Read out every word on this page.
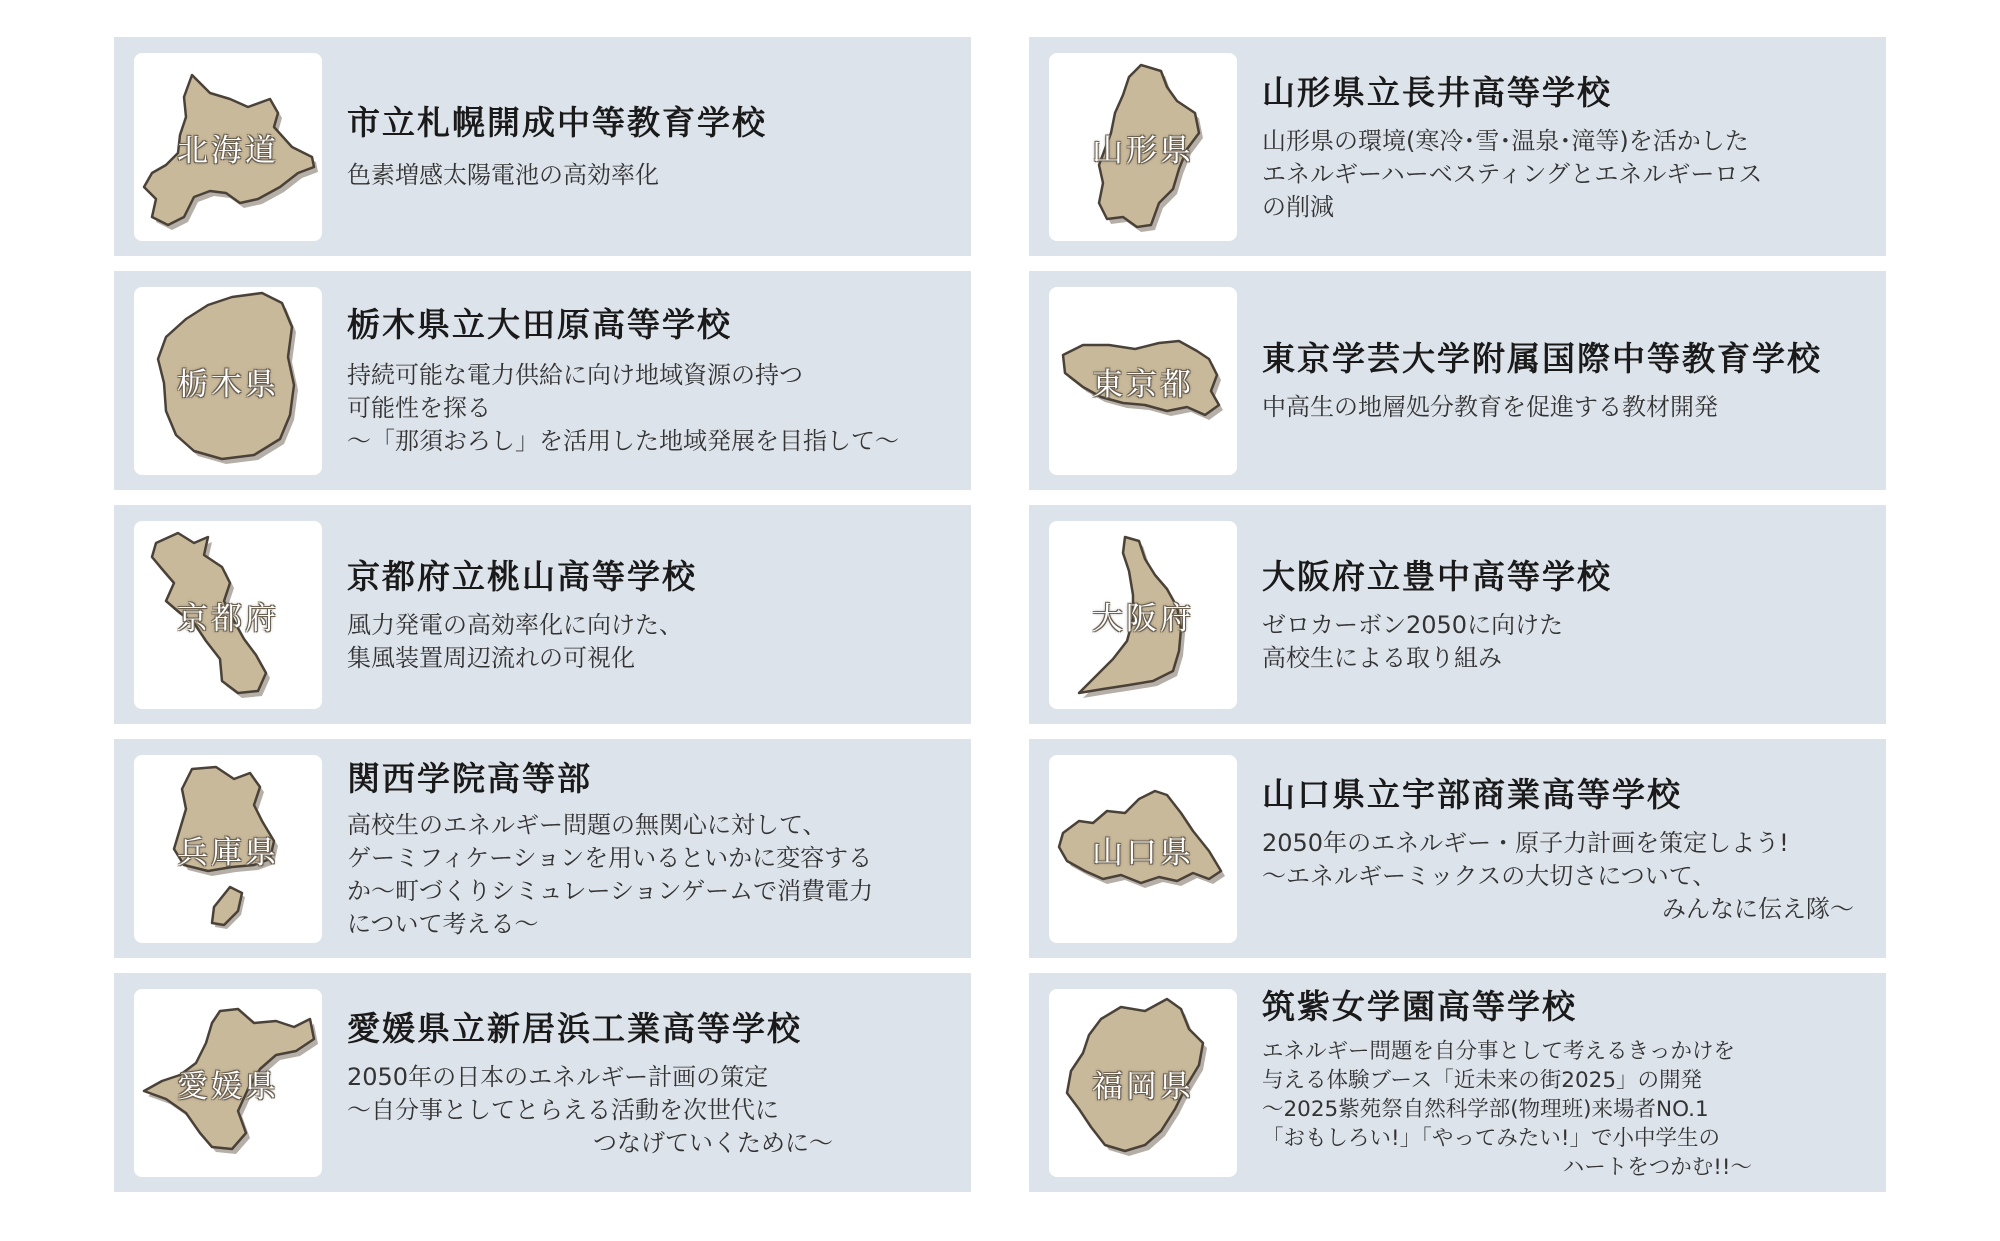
北海道
市立札幌開成中等教育学校
色素増感太陽電池の高効率化
山形県
山形県立長井高等学校
山形県の環境(寒冷･雪･温泉･滝等)を活かした
エネルギーハーベスティングとエネルギーロス
の削減
栃木県
栃木県立大田原高等学校
持続可能な電力供給に向け地域資源の持つ
可能性を探る
～「那須おろし」を活用した地域発展を目指して～
東京都
東京学芸大学附属国際中等教育学校
中高生の地層処分教育を促進する教材開発
京都府
京都府立桃山高等学校
風力発電の高効率化に向けた、
集風装置周辺流れの可視化
大阪府
大阪府立豊中高等学校
ゼロカーボン2050に向けた
高校生による取り組み
兵庫県
関西学院高等部
高校生のエネルギー問題の無関心に対して、
ゲーミフィケーションを用いるといかに変容する
か～町づくりシミュレーションゲームで消費電力
について考える～
山口県
山口県立宇部商業高等学校
2050年のエネルギー・原子力計画を策定しよう!
～エネルギーミックスの大切さについて、
みんなに伝え隊～
愛媛県
愛媛県立新居浜工業高等学校
2050年の日本のエネルギー計画の策定
～自分事としてとらえる活動を次世代に
つなげていくために～
福岡県
筑紫女学園高等学校
エネルギー問題を自分事として考えるきっかけを
与える体験ブース「近未来の街2025」の開発
～2025紫苑祭自然科学部(物理班)来場者NO.1
「おもしろい!」「やってみたい!」で小中学生の
ハートをつかむ!!～
